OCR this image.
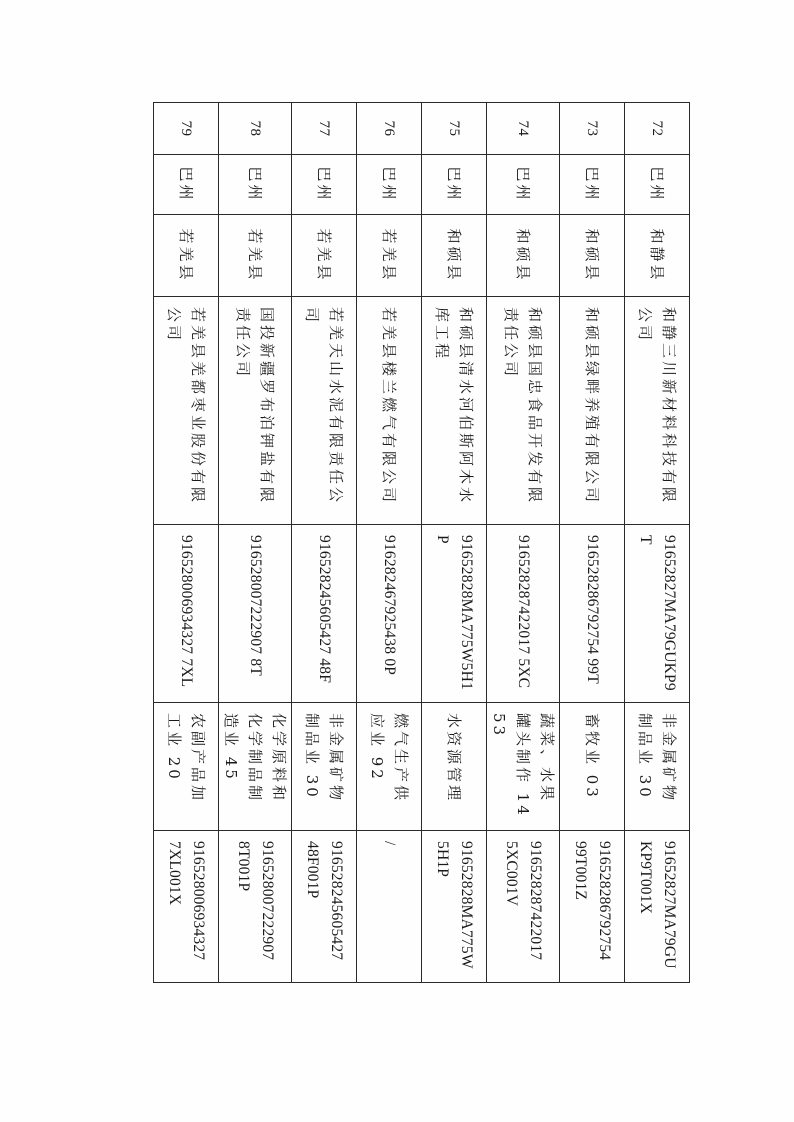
72	巴州	和静县	和静三川新材料科技有限公司	9165282​7MA79GUKP9T	非金属矿物制品业 30	9165282​7MA79GUKP9T001X
73	巴州	和硕县	和硕县绿畔养殖有限公司	916528286792754 99T	畜牧业 03	916528286792754 99T001Z
74	巴州	和硕县	和硕县国忠食品开发有限责任公司	916528287422017 5XC	蔬菜、水果罐头制作 1453	916528287422017 5XC001V
75	巴州	和硕县	和硕县清水河伯斯阿木水库工程	9165282​8MA775W5H1P	水资源管理	9165282​8MA775W5H1P
76	巴州	若羌县	若羌县楼兰燃气有限公司	916282467925438 0P	燃气生产供应业 92	/
77	巴州	若羌县	若羌天山水泥有限责任公司	916528245605427 48F	非金属矿物制品业 30	916528245605427 48F001P
78	巴州	若羌县	国投新疆罗布泊钾盐有限责任公司	916528007222907 8T	化学原料和化学制品制造业 45	916528007222907 8T001P
79	巴州	若羌县	若羌县羌都枣业股份有限公司	916528006934327 7XL	农副产品加工业 20	916528006934327 7XL001X
